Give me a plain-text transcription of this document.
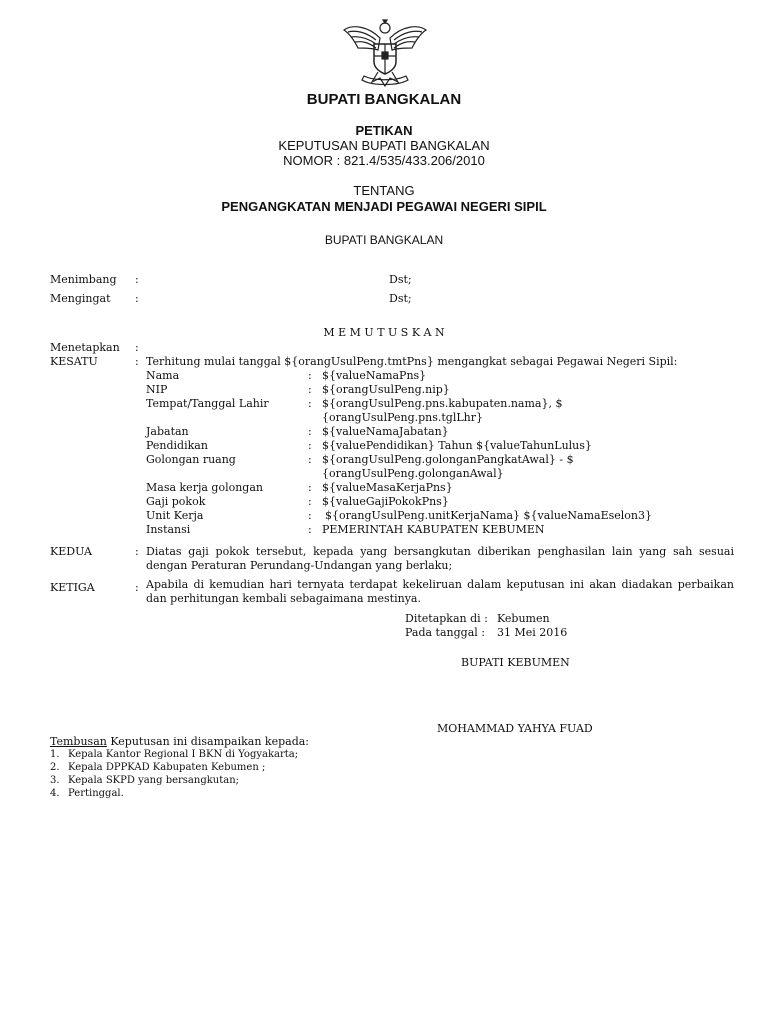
BUPATI BANGKALAN
PETIKAN
KEPUTUSAN BUPATI BANGKALAN
NOMOR : 821.4/535/433.206/2010
TENTANG
PENGANGKATAN MENJADI PEGAWAI NEGERI SIPIL
BUPATI BANGKALAN
Menimbang :	Dst;
Mengingat :	Dst;
M E M U T U S K A N
Menetapkan :
KESATU	: Terhitung mulai tanggal ${orangUsulPeng.tmtPns} mengangkat sebagai Pegawai Negeri Sipil:
Nama	: ${valueNamaPns}
NIP	: ${orangUsulPeng.nip}
Tempat/Tanggal Lahir	: ${orangUsulPeng.pns.kabupaten.nama}, $
{orangUsulPeng.pns.tglLhr}
Jabatan	: ${valueNamaJabatan}
Pendidikan	: ${valuePendidikan} Tahun ${valueTahunLulus}
Golongan ruang	: ${orangUsulPeng.golonganPangkatAwal} - $
{orangUsulPeng.golonganAwal}
Masa kerja golongan	: ${valueMasaKerjaPns}
Gaji pokok	: ${valueGajiPokokPns}
Unit Kerja	: ${orangUsulPeng.unitKerjaNama} ${valueNamaEselon3}
Instansi	: PEMERINTAH KABUPATEN KEBUMEN
KEDUA	: Diatas gaji pokok tersebut, kepada yang bersangkutan diberikan penghasilan lain yang sah sesuai dengan Peraturan Perundang-Undangan yang berlaku;
KETIGA	: Apabila di kemudian hari ternyata terdapat kekeliruan dalam keputusan ini akan diadakan perbaikan dan perhitungan kembali sebagaimana mestinya.
Ditetapkan di : Kebumen
Pada tanggal : 31 Mei 2016
BUPATI KEBUMEN
MOHAMMAD YAHYA FUAD
Tembusan Keputusan ini disampaikan kepada:
1. Kepala Kantor Regional I BKN di Yogyakarta;
2. Kepala DPPKAD Kabupaten Kebumen ;
3. Kepala SKPD yang bersangkutan;
4. Pertinggal.
